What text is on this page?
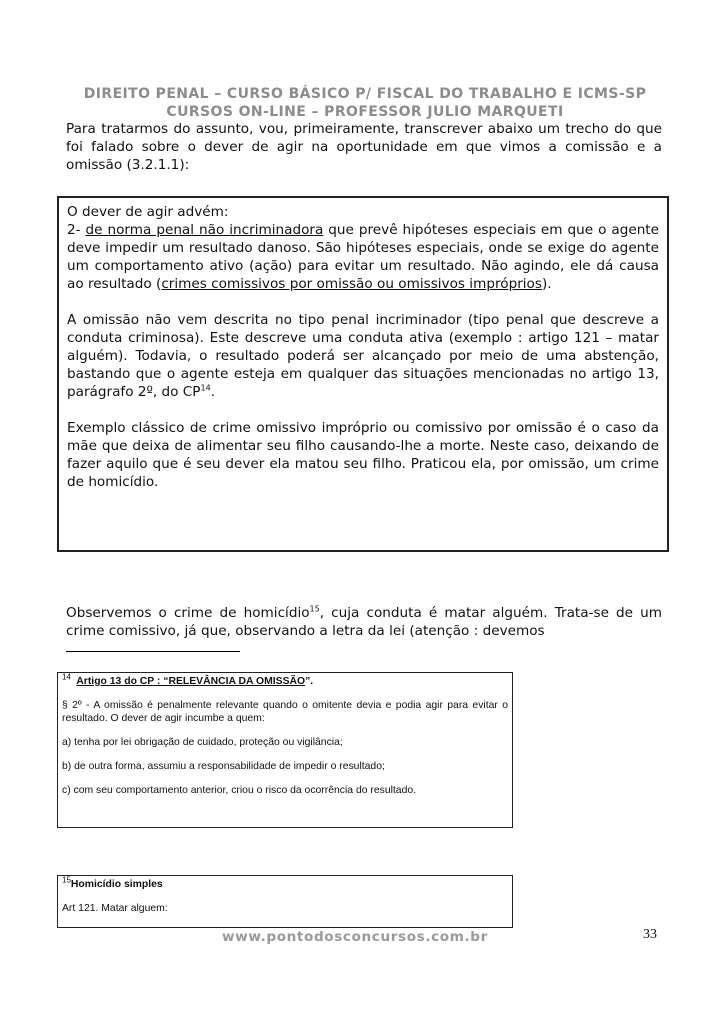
DIREITO PENAL – CURSO BÁSICO P/ FISCAL DO TRABALHO E ICMS-SP
CURSOS ON-LINE – PROFESSOR JULIO MARQUETI

Para tratarmos do assunto, vou, primeiramente, transcrever abaixo um trecho do que foi falado sobre o dever de agir na oportunidade em que vimos a comissão e a omissão (3.2.1.1):

O dever de agir advém:

2- de norma penal não incriminadora que prevê hipóteses especiais em que o agente deve impedir um resultado danoso. São hipóteses especiais, onde se exige do agente um comportamento ativo (ação) para evitar um resultado. Não agindo, ele dá causa ao resultado (crimes comissivos por omissão ou omissivos impróprios).

A omissão não vem descrita no tipo penal incriminador (tipo penal que descreve a conduta criminosa). Este descreve uma conduta ativa (exemplo : artigo 121 – matar alguém). Todavia, o resultado poderá ser alcançado por meio de uma abstenção, bastando que o agente esteja em qualquer das situações mencionadas no artigo 13, parágrafo 2º, do CP$^{14}$.

Exemplo clássico de crime omissivo impróprio ou comissivo por omissão é o caso da mãe que deixa de alimentar seu filho causando-lhe a morte. Neste caso, deixando de fazer aquilo que é seu dever ela matou seu filho. Praticou ela, por omissão, um crime de homicídio.

Observemos o crime de homicídio$^{15}$, cuja conduta é matar alguém. Trata-se de um crime comissivo, já que, observando a letra da lei (atenção : devemos

$^{14}$ Artigo 13 do CP : “RELEVÂNCIA DA OMISSÃO”.

§ 2º - A omissão é penalmente relevante quando o omitente devia e podia agir para evitar o resultado. O dever de agir incumbe a quem:

a) tenha por lei obrigação de cuidado, proteção ou vigilância;

b) de outra forma, assumiu a responsabilidade de impedir o resultado;

c) com seu comportamento anterior, criou o risco da ocorrência do resultado.

$^{15}$Homicídio simples

Art 121. Matar alguem:

www.pontodosconcursos.com.br	33
